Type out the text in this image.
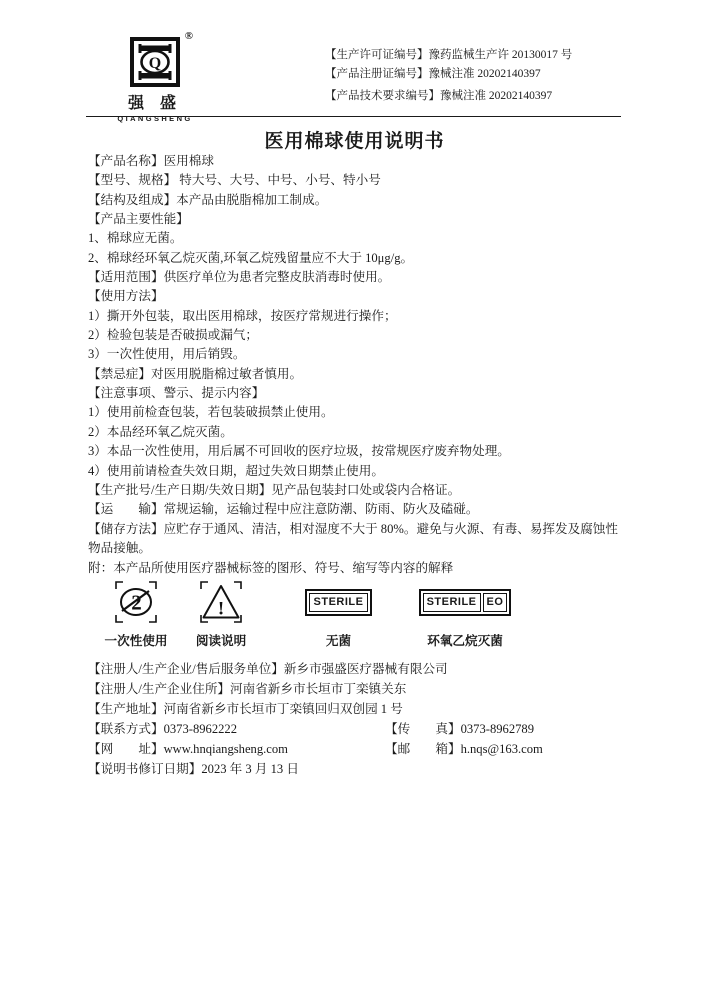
Q
®
强 盛
QIANGSHENG
【生产许可证编号】豫药监械生产许 20130017 号
【产品注册证编号】豫械注准 20202140397
【产品技术要求编号】豫械注准 20202140397
医用棉球使用说明书
【产品名称】医用棉球
【型号、规格】 特大号、大号、中号、小号、特小号
【结构及组成】本产品由脱脂棉加工制成。
【产品主要性能】
1、棉球应无菌。
2、棉球经环氧乙烷灭菌,环氧乙烷残留量应不大于 10μg/g。
【适用范围】供医疗单位为患者完整皮肤消毒时使用。
【使用方法】
1）撕开外包装，取出医用棉球，按医疗常规进行操作；
2）检验包装是否破损或漏气；
3）一次性使用，用后销毁。
【禁忌症】对医用脱脂棉过敏者慎用。
【注意事项、警示、提示内容】
1）使用前检查包装，若包装破损禁止使用。
2）本品经环氧乙烷灭菌。
3）本品一次性使用，用后属不可回收的医疗垃圾，按常规医疗废弃物处理。
4）使用前请检查失效日期，超过失效日期禁止使用。
【生产批号/生产日期/失效日期】见产品包装封口处或袋内合格证。
【运　　输】常规运输，运输过程中应注意防潮、防雨、防火及磕碰。
【储存方法】应贮存于通风、清洁，相对湿度不大于 80%。避免与火源、有毒、易挥发及腐蚀性物品接触。
附：本产品所使用医疗器械标签的图形、符号、缩写等内容的解释
2
一次性使用
!
阅读说明
STERILE
无菌
STERILE EO
环氧乙烷灭菌
【注册人/生产企业/售后服务单位】新乡市强盛医疗器械有限公司
【注册人/生产企业住所】河南省新乡市长垣市丁栾镇关东
【生产地址】河南省新乡市长垣市丁栾镇回归双创园 1 号
【联系方式】0373-8962222	【传　　真】0373-8962789
【网　　址】www.hnqiangsheng.com	【邮　　箱】h.nqs@163.com
【说明书修订日期】2023 年 3 月 13 日
